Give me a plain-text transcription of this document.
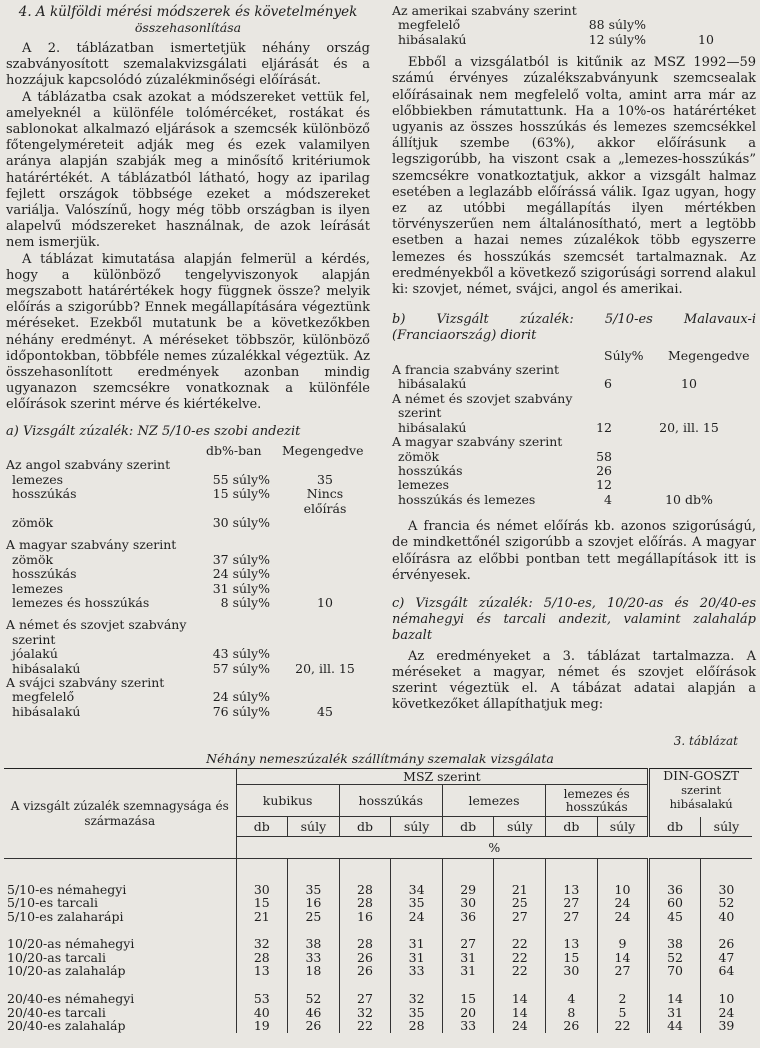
4. A külföldi mérési módszerek és követelmények
összehasonlítása

A 2. táblázatban ismertetjük néhány ország szabványosított szemalakvizsgálati eljárását és a hozzájuk kapcsolódó zúzalékminőségi előírását.

A táblázatba csak azokat a módszereket vettük fel, amelyeknél a különféle tolómércéket, rostákat és sablonokat alkalmazó eljárások a szemcsék különböző főtengelyméreteit adják meg és ezek valamilyen aránya alapján szabják meg a minősítő kritériumok határértékét. A táblázatból látható, hogy az iparilag fejlett országok többsége ezeket a módszereket variálja. Valószínű, hogy még több országban is ilyen alapelvű módszereket használnak, de azok leírását nem ismerjük.

A táblázat kimutatása alapján felmerül a kérdés, hogy a különböző tengelyviszonyok alapján megszabott határértékek hogy függnek össze? melyik előírás a szigorúbb? Ennek megállapítására végeztünk méréseket. Ezekből mutatunk be a következőkben néhány eredményt. A méréseket többször, különböző időpontokban, többféle nemes zúzalékkal végeztük. Az összehasonlított eredmények azonban mindig ugyanazon szemcsékre vonatkoznak a különféle előírások szerint mérve és kiértékelve.

a) Vizsgált zúzalék: NZ 5/10-es szobi andezit

db%-ban	Megengedve
Az angol szabvány szerint
lemezes	55 súly%	35
hosszúkás	15 súly%	Nincs
előírás
zömök	30 súly%
A magyar szabvány szerint
zömök	37 súly%
hosszúkás	24 súly%
lemezes	31 súly%
lemezes és hosszúkás	8 súly%	10
A német és szovjet szabvány
szerint
jóalakú	43 súly%
hibásalakú	57 súly%	20, ill. 15
A svájci szabvány szerint
megfelelő	24 súly%
hibásalakú	76 súly%	45
Az amerikai szabvány szerint
megfelelő	88 súly%
hibásalakú	12 súly%	10

Ebből a vizsgálatból is kitűnik az MSZ 1992—59 számú érvényes zúzalékszabványunk szemcsealak előírásainak nem megfelelő volta, amint arra már az előbbiekben rámutattunk. Ha a 10%-os határértéket ugyanis az összes hosszúkás és lemezes szemcsékkel állítjuk szembe (63%), akkor előírásunk a legszigorúbb, ha viszont csak a „lemezes-hosszúkás” szemcsékre vonatkoztatjuk, akkor a vizsgált halmaz esetében a leglazább előírássá válik. Igaz ugyan, hogy ez az utóbbi megállapítás ilyen mértékben törvényszerűen nem általánosítható, mert a legtöbb esetben a hazai nemes zúzalékok több egyszerre lemezes és hosszúkás szemcsét tartalmaznak. Az eredményekből a következő szigorúsági sorrend alakul ki: szovjet, német, svájci, angol és amerikai.

b) Vizsgált zúzalék: 5/10-es Malavaux-i (Franciaország) diorit

Súly%	Megengedve
A francia szabvány szerint
hibásalakú	6	10
A német és szovjet szabvány
szerint
hibásalakú	12	20, ill. 15
A magyar szabvány szerint
zömök	58
hosszúkás	26
lemezes	12
hosszúkás és lemezes	4	10 db%

A francia és német előírás kb. azonos szigorúságú, de mindkettőnél szigorúbb a szovjet előírás. A magyar előírásra az előbbi pontban tett megállapítások itt is érvényesek.

c) Vizsgált zúzalék: 5/10-es, 10/20-as és 20/40-es némahegyi és tarcali andezit, valamint zalahaláp bazalt

Az eredményeket a 3. táblázat tartalmazza. A méréseket a magyar, német és szovjet előírások szerint végeztük el. A tábázat adatai alapján a következőket állapíthatjuk meg:

3. táblázat
Néhány nemeszúzalék szállítmány szemalak vizsgálata
A vizsgált zúzalék szemnagysága és származása	MSZ szerint								DIN-GOSZT
szerint hibásalakú	
	kubikus		hosszúkás		lemezes		lemezes és hosszúkás			
	db	súly	db	súly	db	súly	db	súly	db	súly
	%									

5/10-es némahegyi	30	35	28	34	29	21	13	10	36	30
5/10-es tarcali	15	16	28	35	30	25	27	24	60	52
5/10-es zalaharápi	21	25	16	24	36	27	27	24	45	40

10/20-as némahegyi	32	38	28	31	27	22	13	9	38	26
10/20-as tarcali	28	33	26	31	31	22	15	14	52	47
10/20-as zalahaláp	13	18	26	33	31	22	30	27	70	64

20/40-es némahegyi	53	52	27	32	15	14	4	2	14	10
20/40-es tarcali	40	46	32	35	20	14	8	5	31	24
20/40-es zalahaláp	19	26	22	28	33	24	26	22	44	39
